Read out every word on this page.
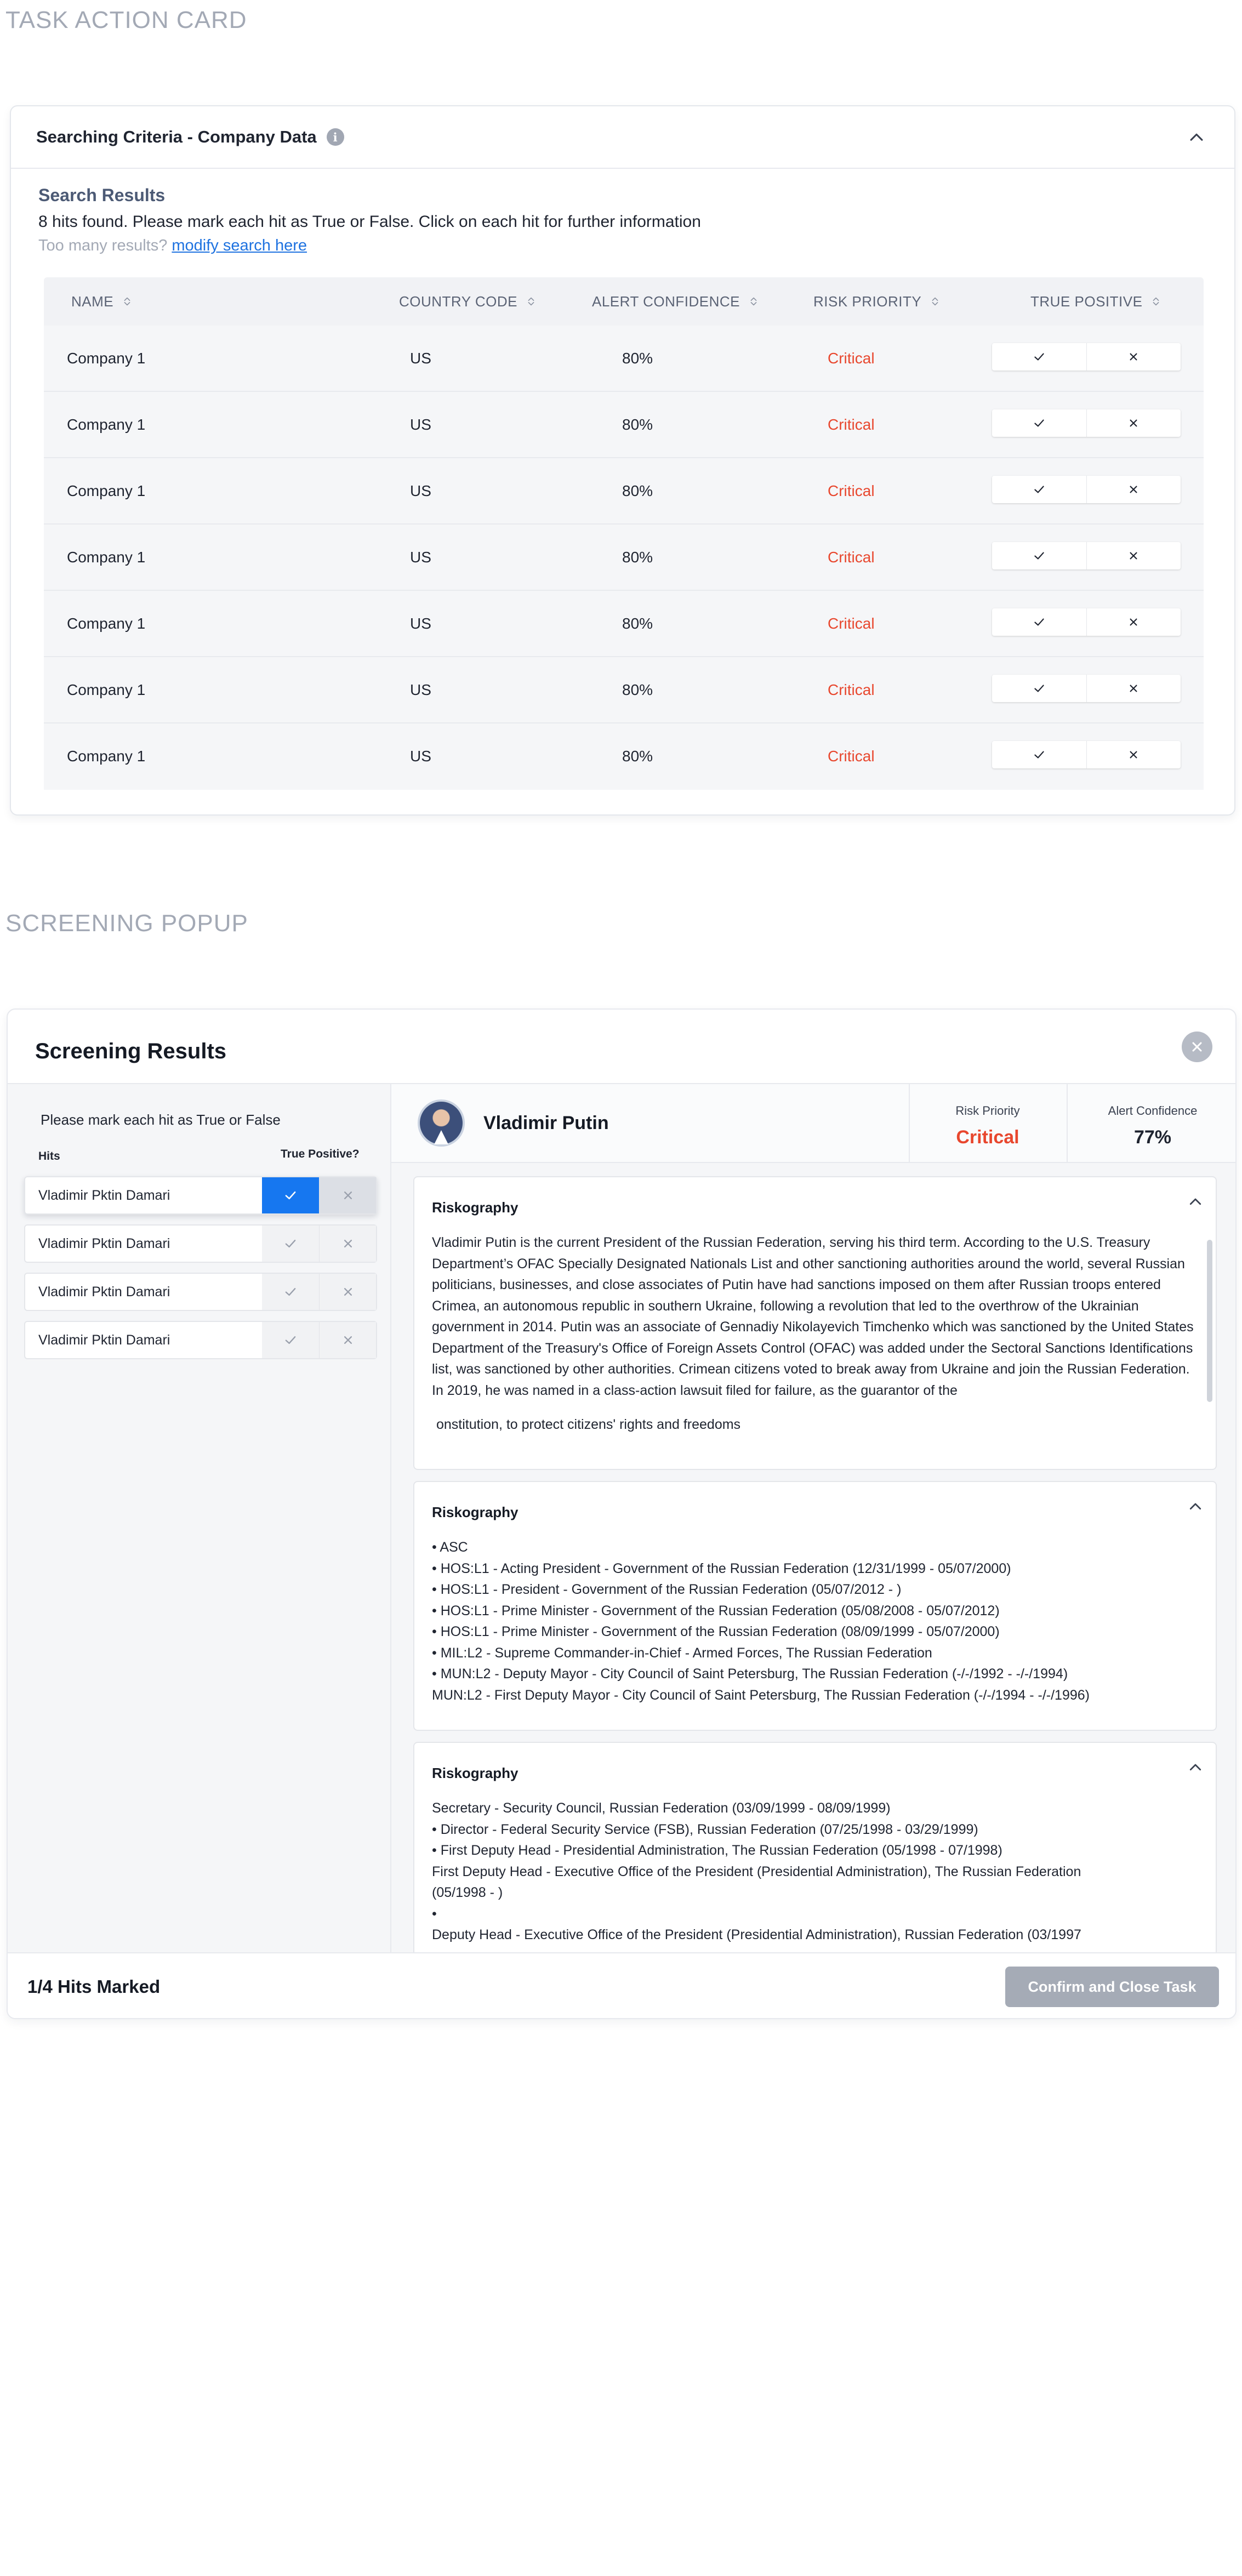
TASK ACTION CARD
SCREENING POPUP
Searching Criteria - Company Data	i
Search Results
8 hits found. Please mark each hit as True or False. Click on each hit for further information
Too many results? modify search here
NAME	COUNTRY CODE	ALERT CONFIDENCE	RISK PRIORITY	TRUE POSITIVE
Company 1	US	80%	Critical
Company 1	US	80%	Critical
Company 1	US	80%	Critical
Company 1	US	80%	Critical
Company 1	US	80%	Critical
Company 1	US	80%	Critical
Company 1	US	80%	Critical
Screening Results
Please mark each hit as True or False
Hits	True Positive?
Vladimir Pktin Damari
Vladimir Pktin Damari
Vladimir Pktin Damari
Vladimir Pktin Damari
Vladimir Putin
Risk Priority
Critical
Alert Confidence
77%
Riskography

Vladimir Putin is the current President of the Russian Federation, serving his third term. According to the U.S. Treasury Department’s OFAC Specially Designated Nationals List and other sanctioning authorities around the world, several Russian politicians, businesses, and close associates of Putin have had sanctions imposed on them after Russian troops entered Crimea, an autonomous republic in southern Ukraine, following a revolution that led to the overthrow of the Ukrainian government in 2014. Putin was an associate of Gennadiy Nikolayevich Timchenko which was sanctioned by the United States Department of the Treasury's Office of Foreign Assets Control (OFAC) was added under the Sectoral Sanctions Identifications list, was sanctioned by other authorities. Crimean citizens voted to break away from Ukraine and join the Russian Federation. In 2019, he was named in a class-action lawsuit filed for failure, as the guarantor of the

onstitution, to protect citizens' rights and freedoms

Riskography

• ASC

• HOS:L1 - Acting President - Government of the Russian Federation (12/31/1999 - 05/07/2000)

• HOS:L1 - President - Government of the Russian Federation (05/07/2012 - )

• HOS:L1 - Prime Minister - Government of the Russian Federation (05/08/2008 - 05/07/2012)

• HOS:L1 - Prime Minister - Government of the Russian Federation (08/09/1999 - 05/07/2000)

• MIL:L2 - Supreme Commander-in-Chief - Armed Forces, The Russian Federation

• MUN:L2 - Deputy Mayor - City Council of Saint Petersburg, The Russian Federation (-/-/1992 - -/-/1994)

MUN:L2 - First Deputy Mayor - City Council of Saint Petersburg, The Russian Federation (-/-/1994 - -/-/1996)

Riskography

Secretary - Security Council, Russian Federation (03/09/1999 - 08/09/1999)

• Director - Federal Security Service (FSB), Russian Federation (07/25/1998 - 03/29/1999)

• First Deputy Head - Presidential Administration, The Russian Federation (05/1998 - 07/1998)

First Deputy Head - Executive Office of the President (Presidential Administration), The Russian Federation

(05/1998 - )

•

Deputy Head - Executive Office of the President (Presidential Administration), Russian Federation (03/1997

1/4 Hits Marked	Confirm and Close Task
